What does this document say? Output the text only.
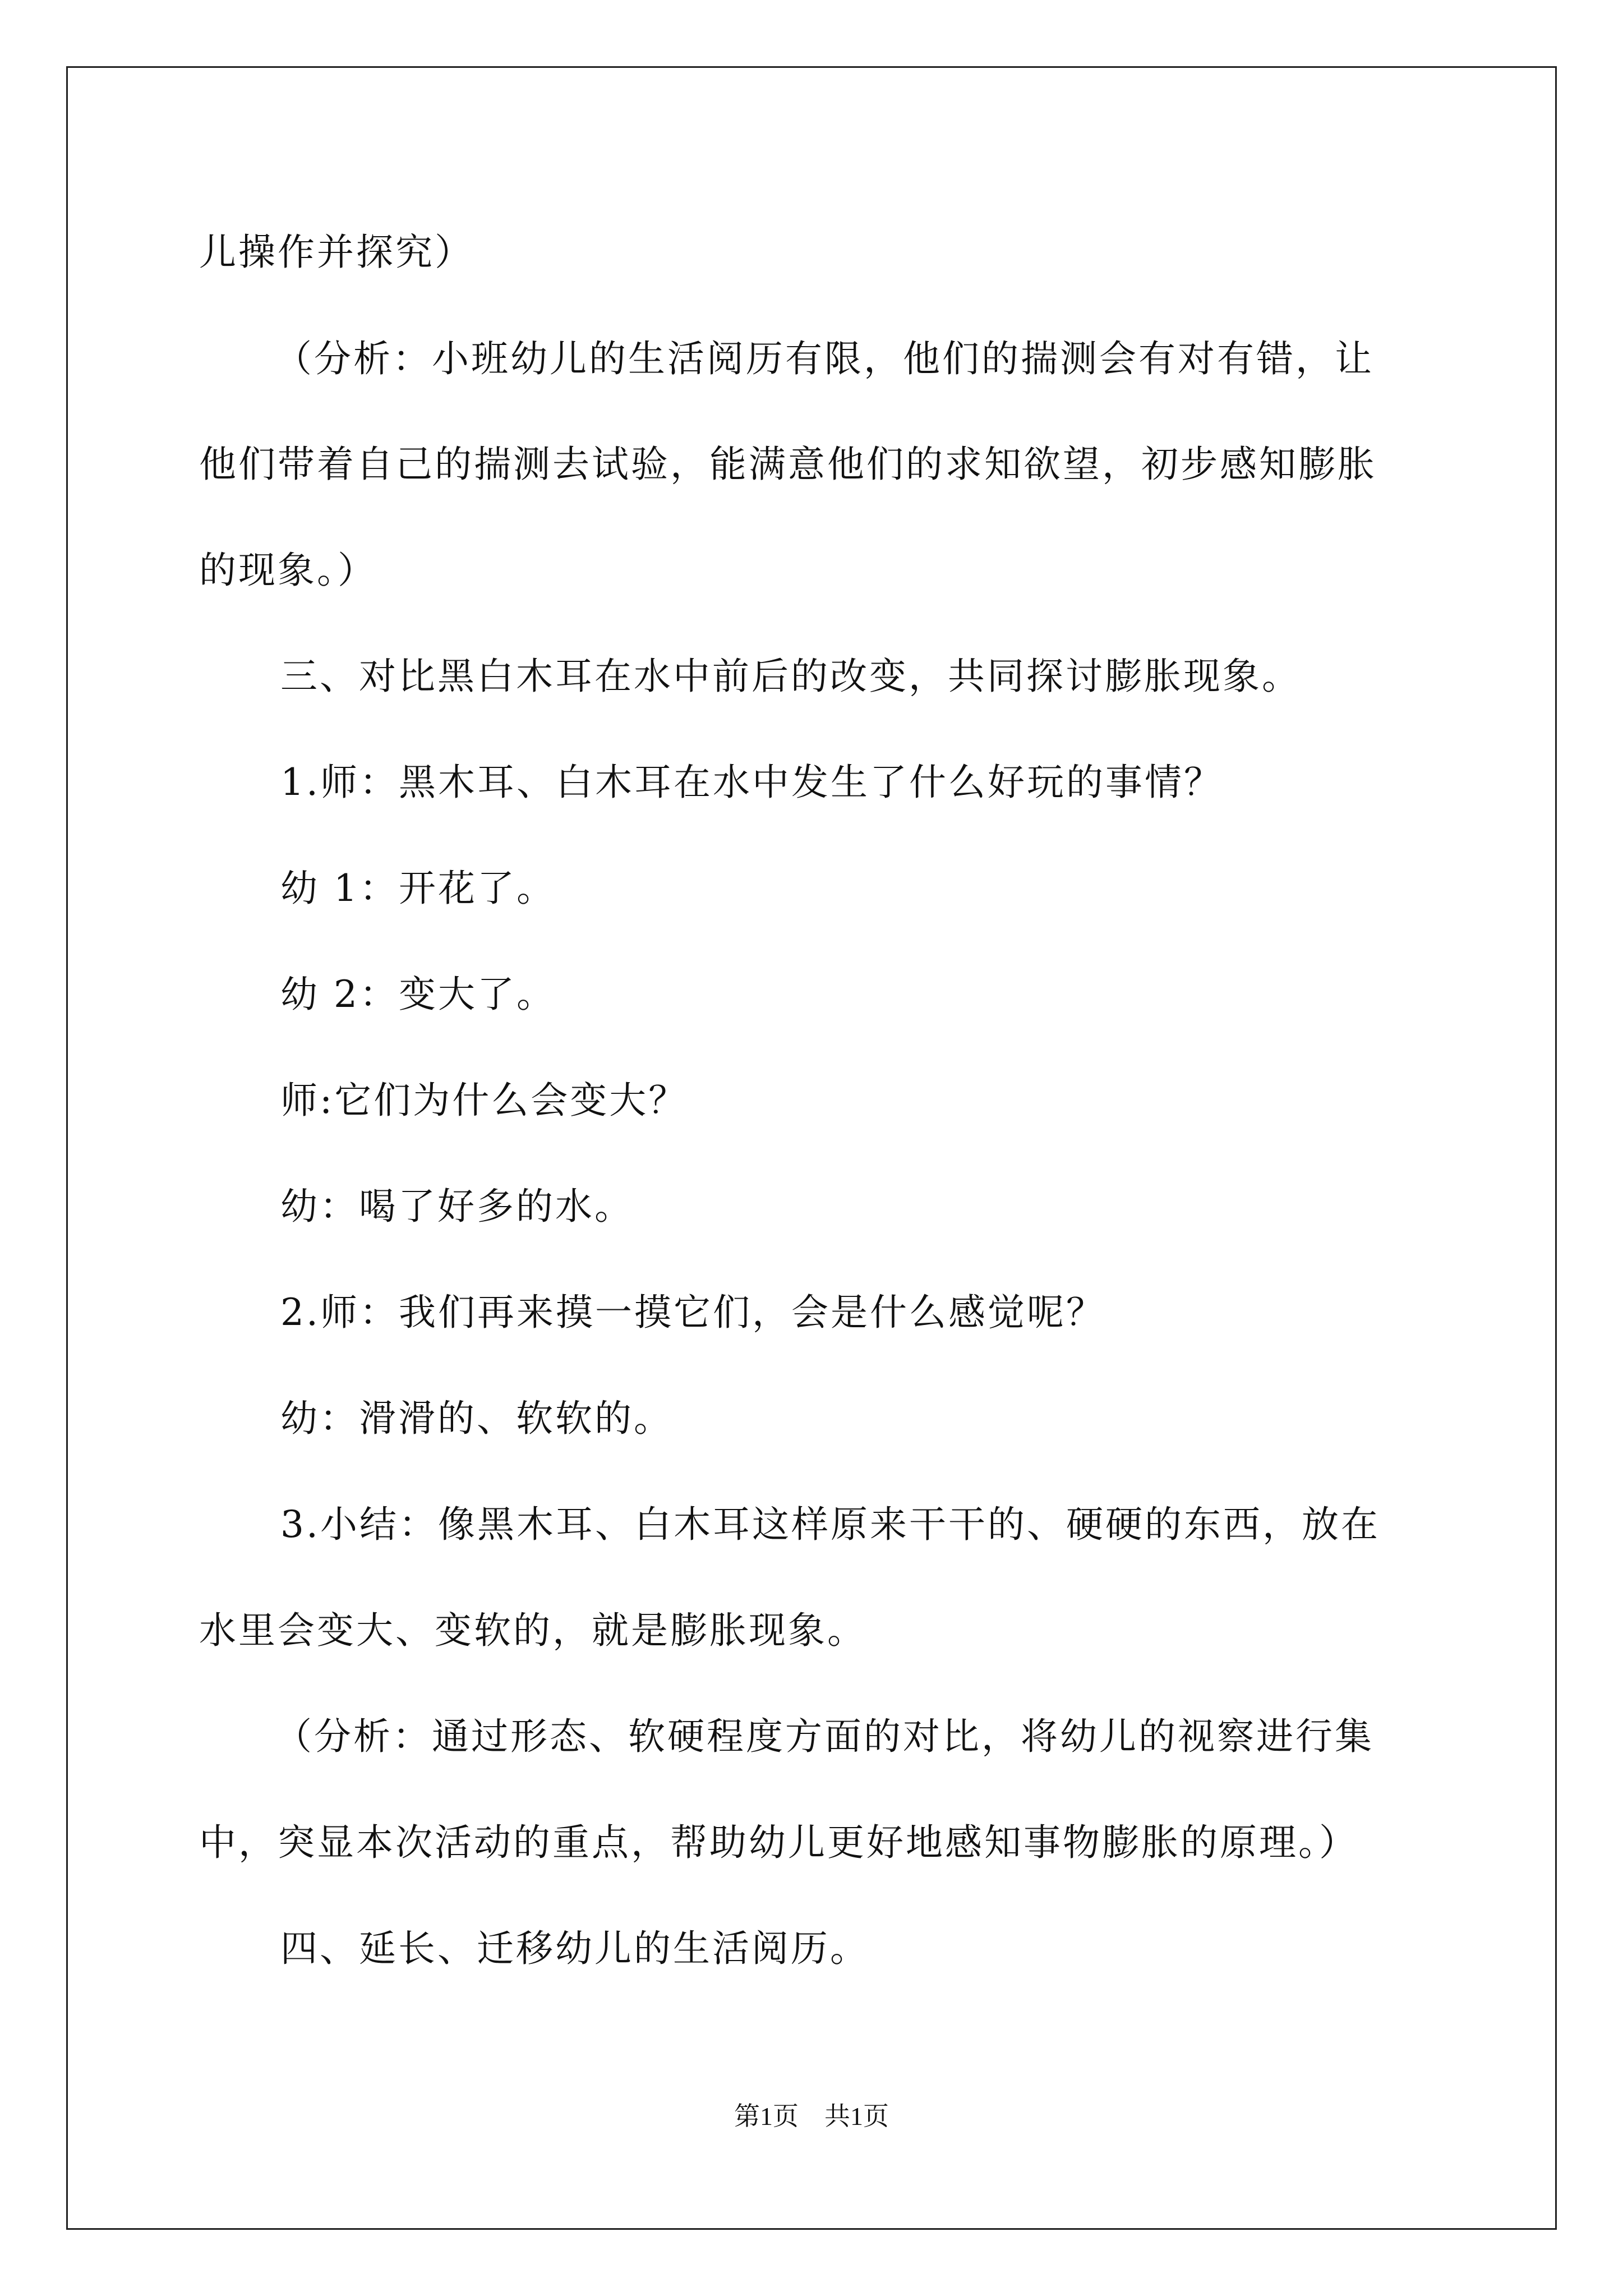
儿操作并探究）

（分析：小班幼儿的生活阅历有限，他们的揣测会有对有错，让

他们带着自己的揣测去试验，能满意他们的求知欲望，初步感知膨胀

的现象。）

三、对比黑白木耳在水中前后的改变，共同探讨膨胀现象。

1.师：黑木耳、白木耳在水中发生了什么好玩的事情？

幼 1：开花了。

幼 2：变大了。

师:它们为什么会变大？

幼：喝了好多的水。

2.师：我们再来摸一摸它们，会是什么感觉呢？

幼：滑滑的、软软的。

3.小结：像黑木耳、白木耳这样原来干干的、硬硬的东西，放在

水里会变大、变软的，就是膨胀现象。

（分析：通过形态、软硬程度方面的对比，将幼儿的视察进行集

中，突显本次活动的重点，帮助幼儿更好地感知事物膨胀的原理。）

四、延长、迁移幼儿的生活阅历。

第1页　共1页
